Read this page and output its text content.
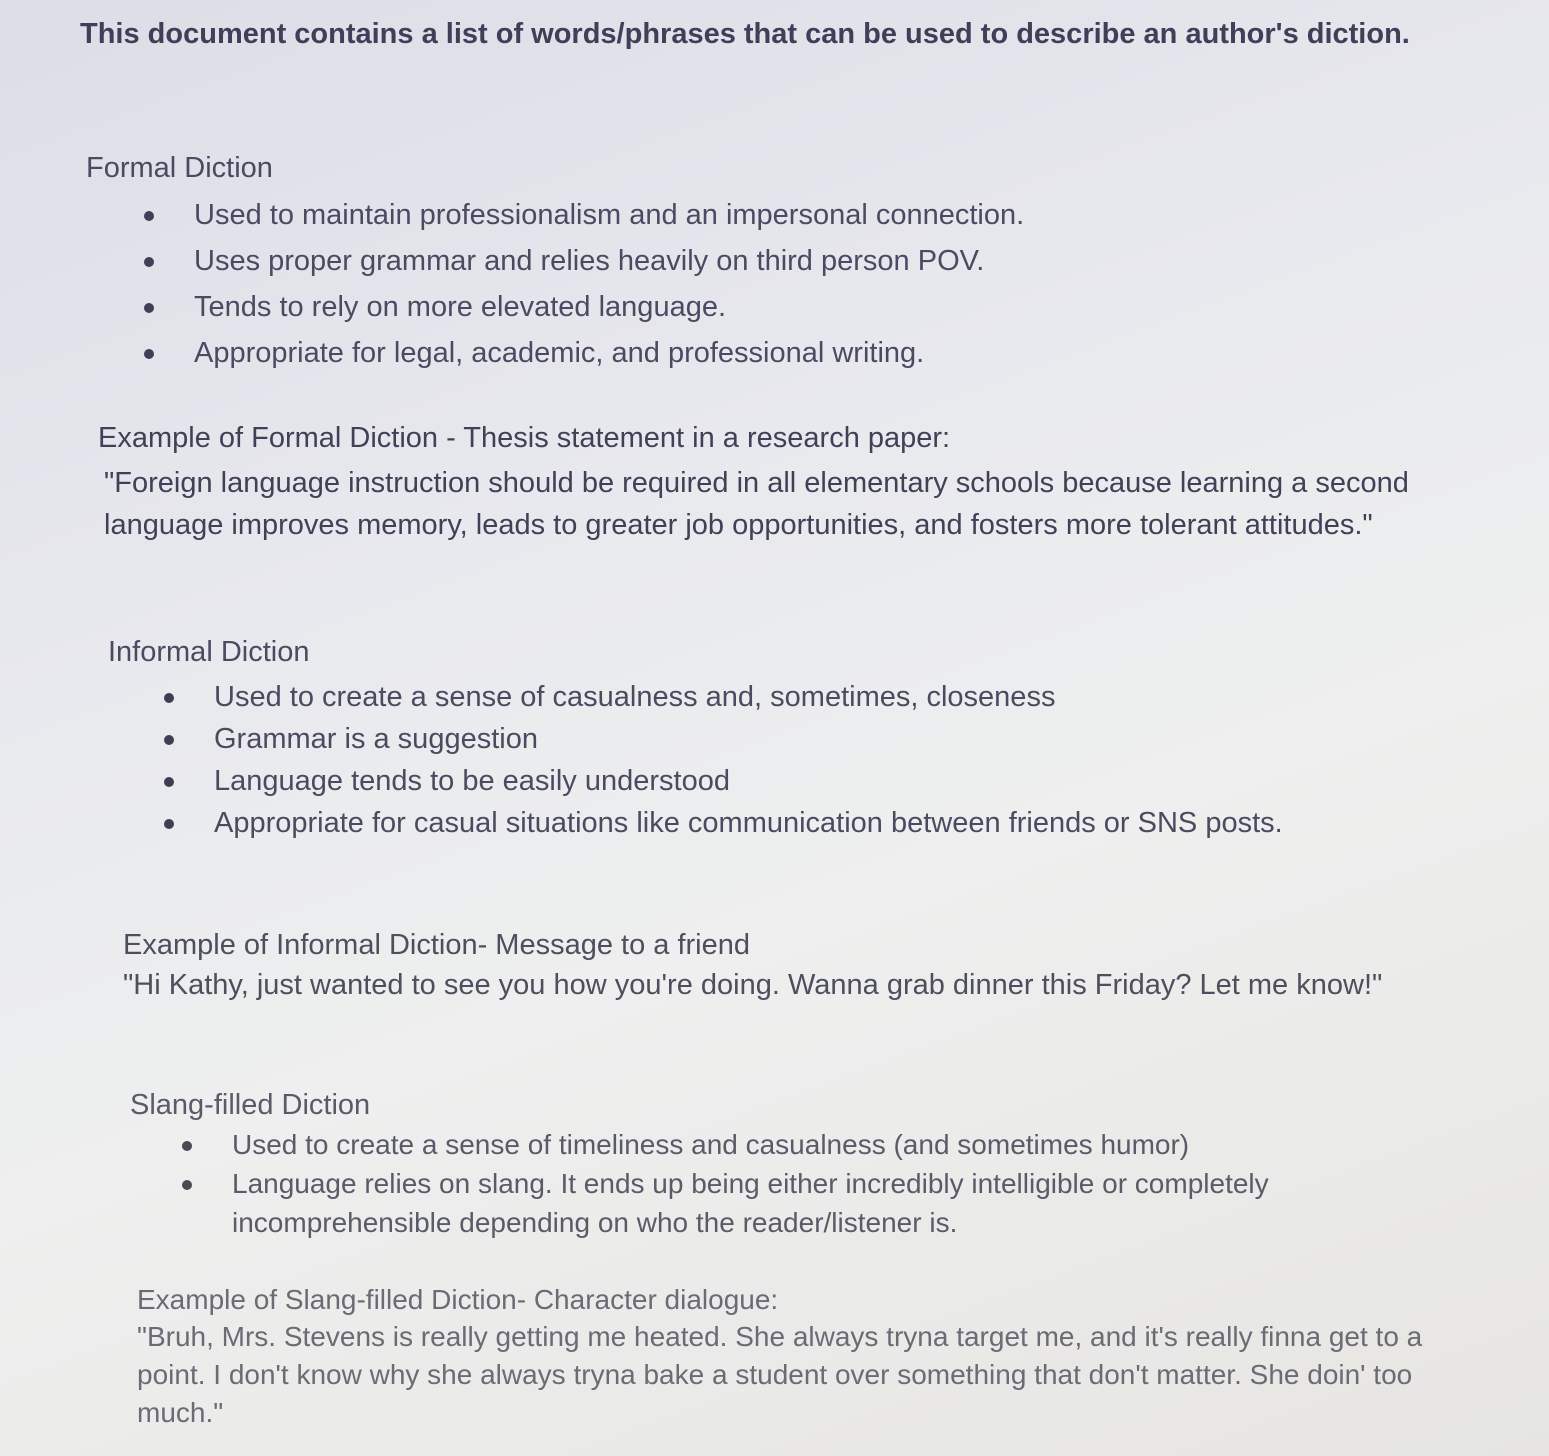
This document contains a list of words/phrases that can be used to describe an author's diction.

Formal Diction

Used to maintain professionalism and an impersonal connection.
Uses proper grammar and relies heavily on third person POV.
Tends to rely on more elevated language.
Appropriate for legal, academic, and professional writing.

Example of Formal Diction - Thesis statement in a research paper:

"Foreign language instruction should be required in all elementary schools because learning a second language improves memory, leads to greater job opportunities, and fosters more tolerant attitudes."

Informal Diction

Used to create a sense of casualness and, sometimes, closeness
Grammar is a suggestion
Language tends to be easily understood
Appropriate for casual situations like communication between friends or SNS posts.

Example of Informal Diction- Message to a friend

"Hi Kathy, just wanted to see you how you're doing. Wanna grab dinner this Friday? Let me know!"

Slang-filled Diction

Used to create a sense of timeliness and casualness (and sometimes humor)
Language relies on slang. It ends up being either incredibly intelligible or completely incomprehensible depending on who the reader/listener is.

Example of Slang-filled Diction- Character dialogue:

"Bruh, Mrs. Stevens is really getting me heated. She always tryna target me, and it's really finna get to a point. I don't know why she always tryna bake a student over something that don't matter. She doin' too much."
